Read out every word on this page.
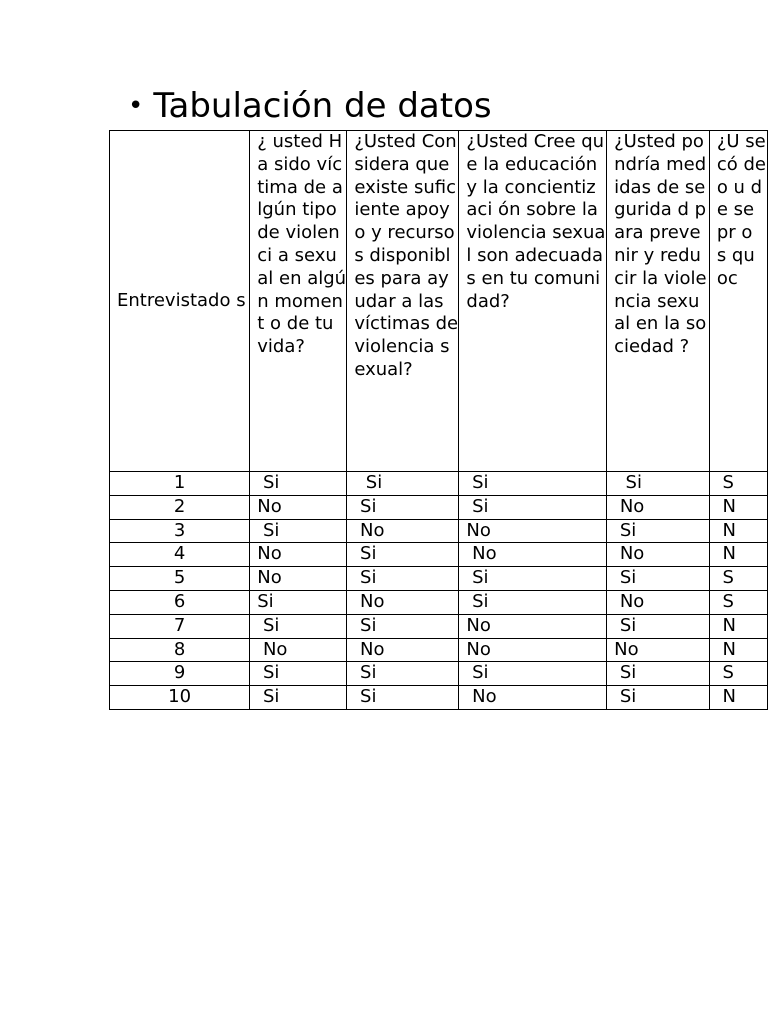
• Tabulación de datos
Entrevistado s	¿ usted Ha sido víctima de algún tipo de violenci a sexual en algún moment o de tu vida?	¿Usted Considera que existe suficiente apoyo y recursos disponibl es para ayudar a las víctimas de violencia sexual?	¿Usted Cree que la educación y la concientizaci ón sobre la violencia sexual son adecuadas en tu comunidad?	¿Usted pondría medidas de segurida d para prevenir y reducir la violencia sexual en la sociedad ?	¿U se có de o u de se pr o s qu oc
1	Si	Si	Si	Si	S
2	No	Si	Si	No	N
3	Si	No	No	Si	N
4	No	Si	No	No	N
5	No	Si	Si	Si	S
6	Si	No	Si	No	S
7	Si	Si	No	Si	N
8	No	No	No	No	N
9	Si	Si	Si	Si	S
10	Si	Si	No	Si	N
